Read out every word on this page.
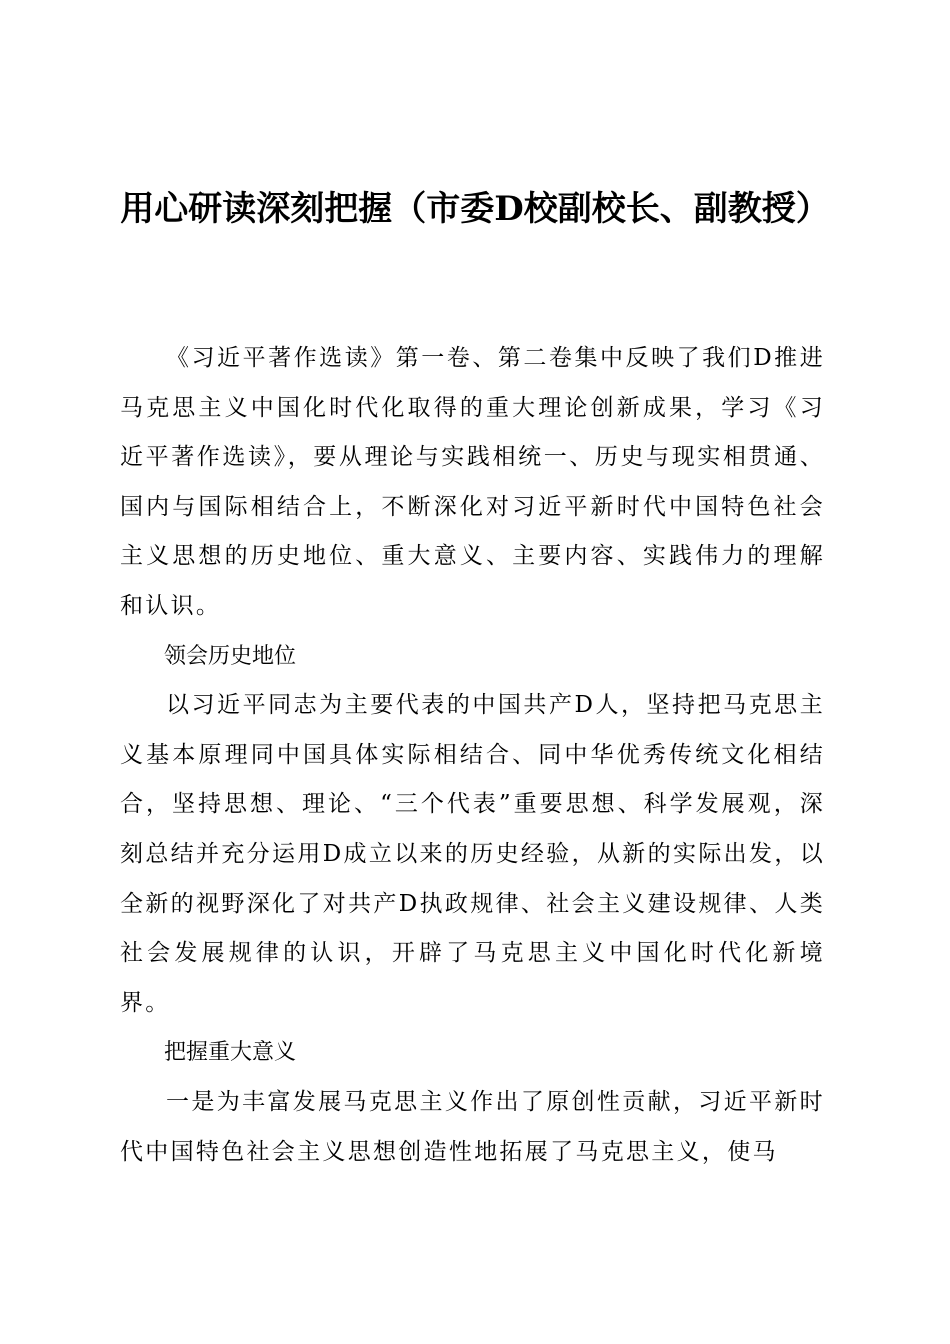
用心研读深刻把握（市委D校副校长、副教授）

《习近平著作选读》第一卷、第二卷集中反映了我们D推进马克思主义中国化时代化取得的重大理论创新成果，学习《习近平著作选读》，要从理论与实践相统一、历史与现实相贯通、国内与国际相结合上，不断深化对习近平新时代中国特色社会主义思想的历史地位、重大意义、主要内容、实践伟力的理解和认识。

领会历史地位

以习近平同志为主要代表的中国共产D人，坚持把马克思主义基本原理同中国具体实际相结合、同中华优秀传统文化相结合，坚持思想、理论、“三个代表”重要思想、科学发展观，深刻总结并充分运用D成立以来的历史经验，从新的实际出发，以全新的视野深化了对共产D执政规律、社会主义建设规律、人类社会发展规律的认识，开辟了马克思主义中国化时代化新境界。

把握重大意义

一是为丰富发展马克思主义作出了原创性贡献，习近平新时代中国特色社会主义思想创造性地拓展了马克思主义，使马
